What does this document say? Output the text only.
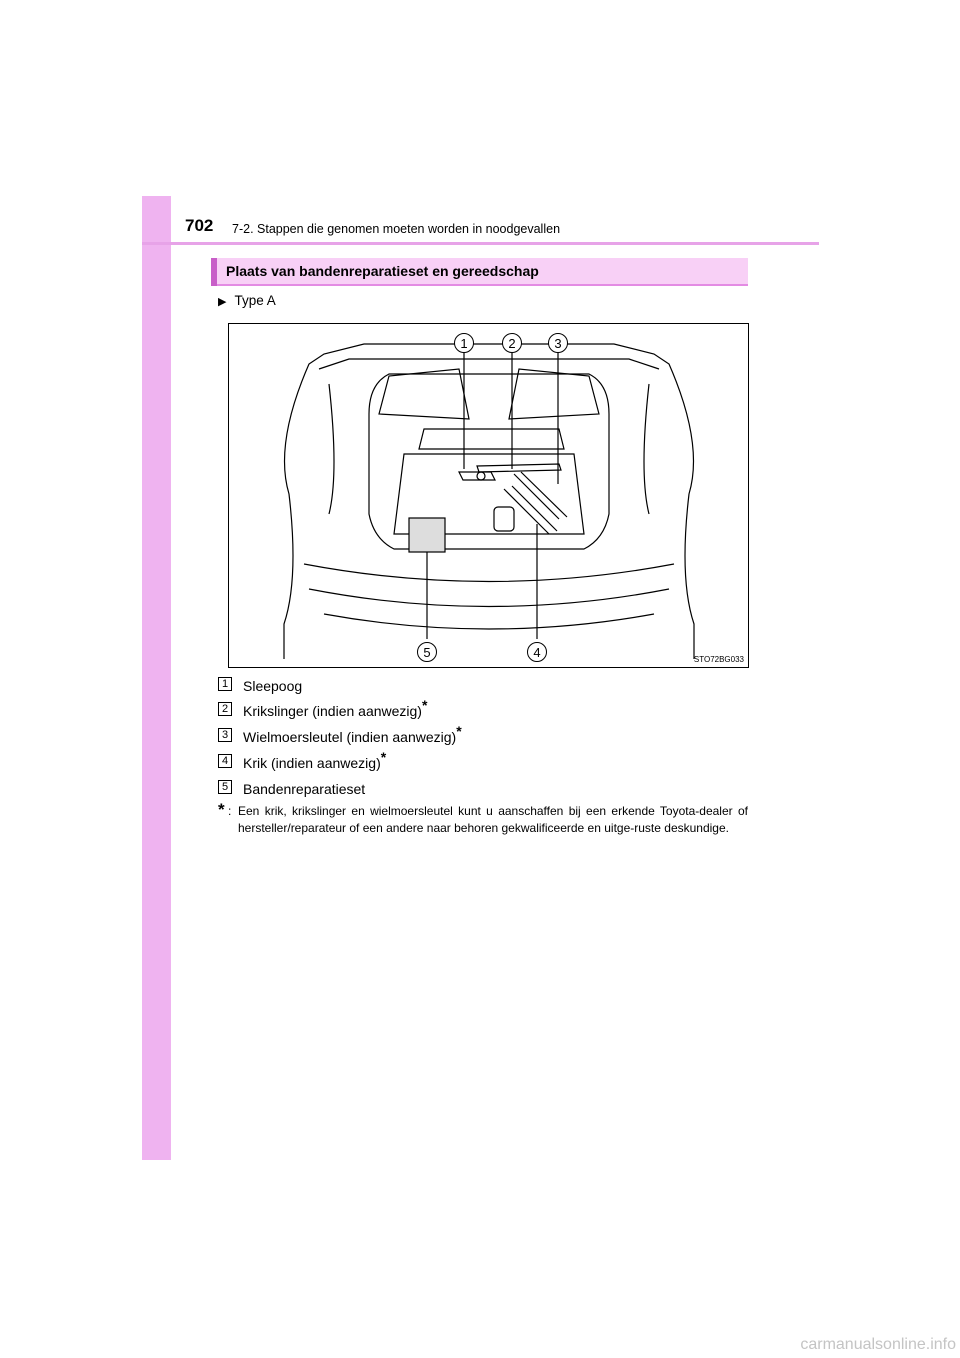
702 7-2. Stappen die genomen moeten worden in noodgevallen
Plaats van bandenreparatieset en gereedschap
▶ Type A
1	2	3
4
5	STO72BG033
1 Sleepoog
2 Krikslinger (indien aanwezig)*
3 Wielmoersleutel (indien aanwezig)*
4 Krik (indien aanwezig)*
5 Bandenreparatieset
* : Een krik, krikslinger en wielmoersleutel kunt u aanschaffen bij een erkende Toyota-dealer of hersteller/reparateur of een andere naar behoren gekwalificeerde en uitge-ruste deskundige.
carmanualsonline.info
